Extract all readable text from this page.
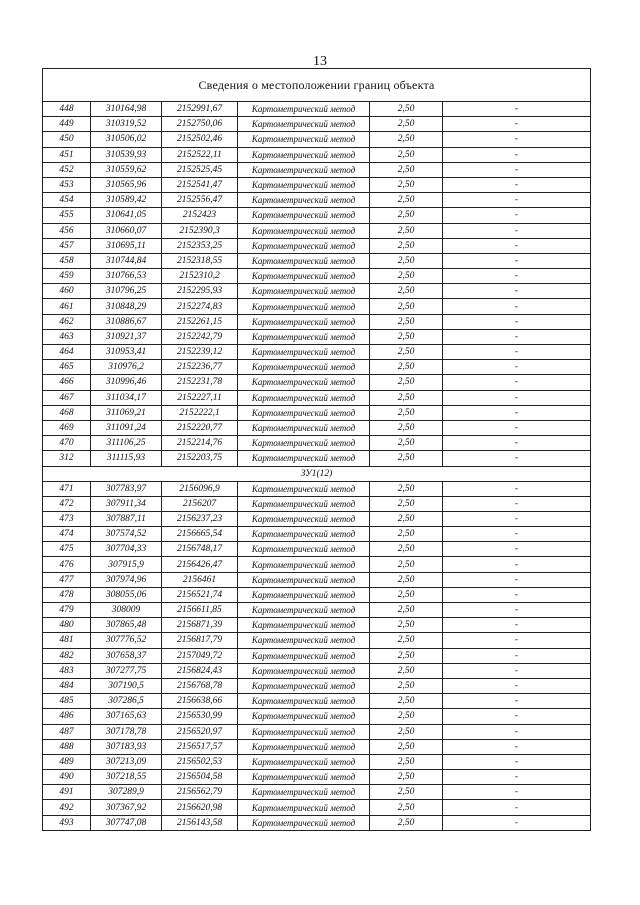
13
Сведения о местоположении границ объекта					
448	310164,98	2152991,67	Картометрический метод	2,50	-
449	310319,52	2152750,06	Картометрический метод	2,50	-
450	310506,02	2152502,46	Картометрический метод	2,50	-
451	310539,93	2152522,11	Картометрический метод	2,50	-
452	310559,62	2152525,45	Картометрический метод	2,50	-
453	310565,96	2152541,47	Картометрический метод	2,50	-
454	310589,42	2152556,47	Картометрический метод	2,50	-
455	310641,05	2152423	Картометрический метод	2,50	-
456	310660,07	2152390,3	Картометрический метод	2,50	-
457	310695,11	2152353,25	Картометрический метод	2,50	-
458	310744,84	2152318,55	Картометрический метод	2,50	-
459	310766,53	2152310,2	Картометрический метод	2,50	-
460	310796,25	2152295,93	Картометрический метод	2,50	-
461	310848,29	2152274,83	Картометрический метод	2,50	-
462	310886,67	2152261,15	Картометрический метод	2,50	-
463	310921,37	2152242,79	Картометрический метод	2,50	-
464	310953,41	2152239,12	Картометрический метод	2,50	-
465	310976,2	2152236,77	Картометрический метод	2,50	-
466	310996,46	2152231,78	Картометрический метод	2,50	-
467	311034,17	2152227,11	Картометрический метод	2,50	-
468	311069,21	2152222,1	Картометрический метод	2,50	-
469	311091,24	2152220,77	Картометрический метод	2,50	-
470	311106,25	2152214,76	Картометрический метод	2,50	-
312	311115,93	2152203,75	Картометрический метод	2,50	-
ЗУ1(12)					
471	307783,97	2156096,9	Картометрический метод	2,50	-
472	307911,34	2156207	Картометрический метод	2,50	-
473	307887,11	2156237,23	Картометрический метод	2,50	-
474	307574,52	2156665,54	Картометрический метод	2,50	-
475	307704,33	2156748,17	Картометрический метод	2,50	-
476	307915,9	2156426,47	Картометрический метод	2,50	-
477	307974,96	2156461	Картометрический метод	2,50	-
478	308055,06	2156521,74	Картометрический метод	2,50	-
479	308009	2156611,85	Картометрический метод	2,50	-
480	307865,48	2156871,39	Картометрический метод	2,50	-
481	307776,52	2156817,79	Картометрический метод	2,50	-
482	307658,37	2157049,72	Картометрический метод	2,50	-
483	307277,75	2156824,43	Картометрический метод	2,50	-
484	307190,5	2156768,78	Картометрический метод	2,50	-
485	307286,5	2156638,66	Картометрический метод	2,50	-
486	307165,63	2156530,99	Картометрический метод	2,50	-
487	307178,78	2156520,97	Картометрический метод	2,50	-
488	307183,93	2156517,57	Картометрический метод	2,50	-
489	307213,09	2156502,53	Картометрический метод	2,50	-
490	307218,55	2156504,58	Картометрический метод	2,50	-
491	307289,9	2156562,79	Картометрический метод	2,50	-
492	307367,92	2156620,98	Картометрический метод	2,50	-
493	307747,08	2156143,58	Картометрический метод	2,50	-
